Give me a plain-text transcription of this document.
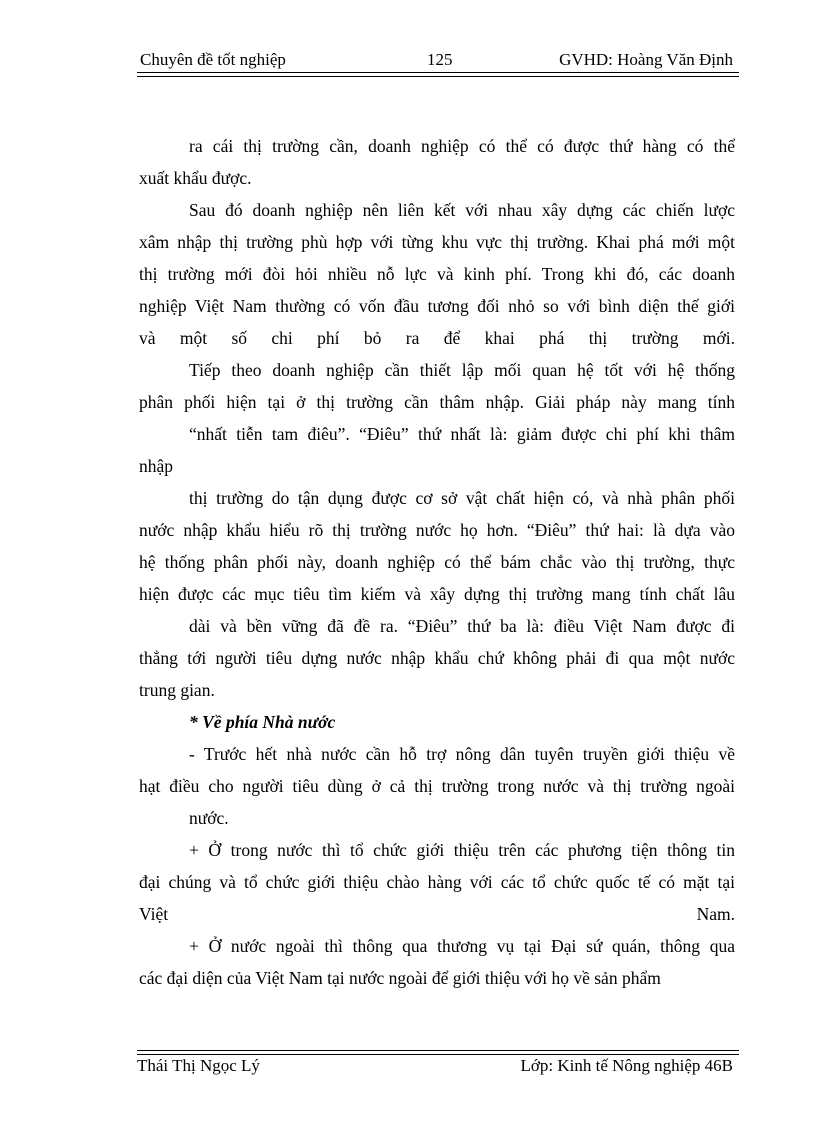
Chuyên đề tốt nghiệp	125	GVHD: Hoàng Văn Định
ra cái thị trường cần, doanh nghiệp có thể có được thứ hàng có thể
xuất khẩu được.
Sau đó doanh nghiệp nên liên kết với nhau xây dựng các chiến lược
xâm nhập thị trường phù hợp với từng khu vực thị trường. Khai phá mới một
thị trường mới đòi hỏi nhiều nỗ lực và kinh phí. Trong khi đó, các doanh
nghiệp Việt Nam thường có vốn đầu tương đối nhỏ so với bình diện thế giới
và một số chi phí bỏ ra để khai phá thị trường mới.
Tiếp theo doanh nghiệp cần thiết lập mối quan hệ tốt với hệ thống
phân phối hiện tại ở thị trường cần thâm nhập. Giải pháp này mang tính
“nhất tiễn tam điêu”. “Điêu” thứ nhất là: giảm được chi phí khi thâm
nhập
thị trường do tận dụng được cơ sở vật chất hiện có, và nhà phân phối
nước nhập khẩu hiểu rõ thị trường nước họ hơn. “Điêu” thứ hai: là dựa vào
hệ thống phân phối này, doanh nghiệp có thể bám chắc vào thị trường, thực
hiện được các mục tiêu tìm kiếm và xây dựng thị trường mang tính chất lâu
dài và bền vững đã đề ra. “Điêu” thứ ba là: điều Việt Nam được đi
thẳng tới người tiêu dựng nước nhập khẩu chứ không phải đi qua một nước
trung gian.
* Về phía Nhà nước
- Trước hết nhà nước cần hỗ trợ nông dân tuyên truyền giới thiệu về
hạt điều cho người tiêu dùng ở cả thị trường trong nước và thị trường ngoài
nước.
+ Ở trong nước thì tổ chức giới thiệu trên các phương tiện thông tin
đại chúng và tổ chức giới thiệu chào hàng với các tổ chức quốc tế có mặt tại
Việt	Nam.
+ Ở nước ngoài thì thông qua thương vụ tại Đại sứ quán, thông qua
các đại diện của Việt Nam tại nước ngoài để giới thiệu với họ về sản phẩm
Thái Thị Ngọc Lý	Lớp: Kinh tế Nông nghiệp 46B
